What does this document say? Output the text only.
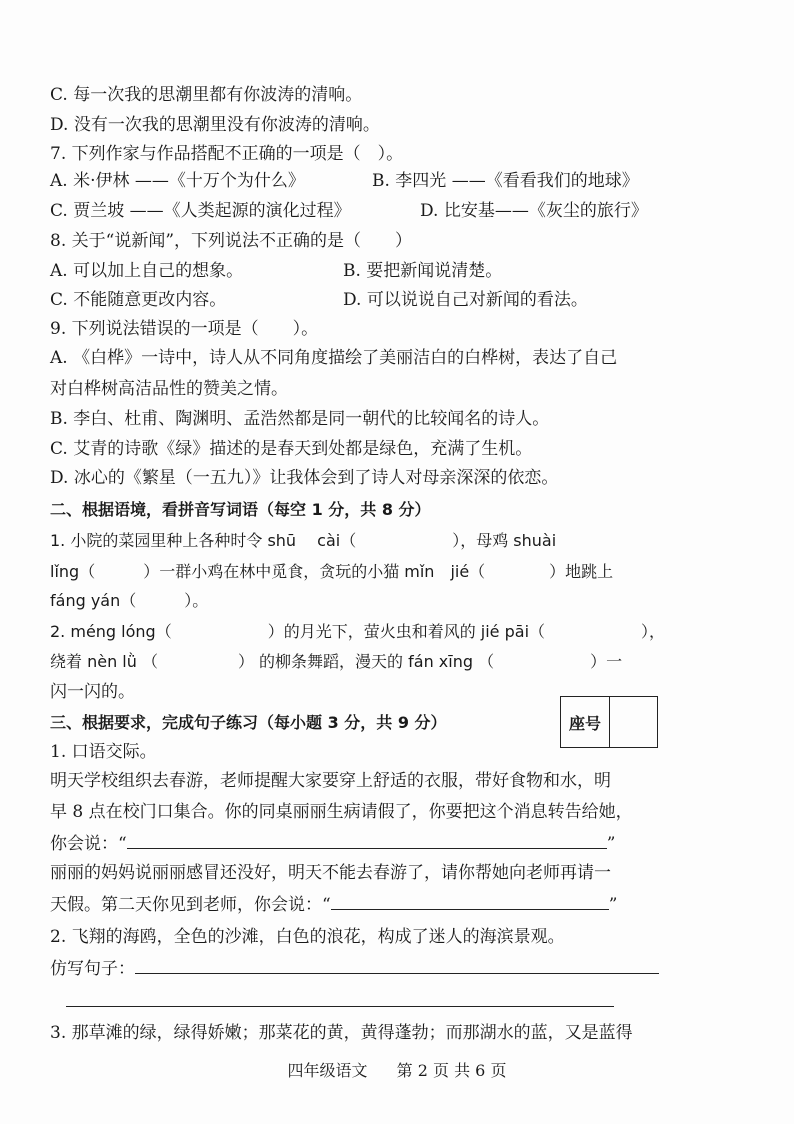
C. 每一次我的思潮里都有你波涛的清响。
D. 没有一次我的思潮里没有你波涛的清响。
7. 下列作家与作品搭配不正确的一项是（　）。
A. 米·伊林 ——《十万个为什么》	B. 李四光 ——《看看我们的地球》
C. 贾兰坡 ——《人类起源的演化过程》	D. 比安基——《灰尘的旅行》
8. 关于“说新闻”，下列说法不正确的是（　　）
A. 可以加上自己的想象。	B. 要把新闻说清楚。
C. 不能随意更改内容。	D. 可以说说自己对新闻的看法。
9. 下列说法错误的一项是（　　）。
A. 《白桦》一诗中，诗人从不同角度描绘了美丽洁白的白桦树，表达了自己
对白桦树高洁品性的赞美之情。
B. 李白、杜甫、陶渊明、孟浩然都是同一朝代的比较闻名的诗人。
C. 艾青的诗歌《绿》描述的是春天到处都是绿色，充满了生机。
D. 冰心的《繁星（一五九）》让我体会到了诗人对母亲深深的依恋。
二、根据语境，看拼音写词语（每空 1 分，共 8 分）
1. 小院的菜园里种上各种时令 shū　 cài（　　　　　　），母鸡 shuài
lǐng（　　　）一群小鸡在林中觅食，贪玩的小猫 mǐn　jié（　　　　）地跳上
fáng yán（　　　）。
2. méng lóng（　　　　　　）的月光下，萤火虫和着风的 jié pāi（　　　　　　），
绕着 nèn lǜ （　　　　　） 的柳条舞蹈，漫天的 fán xīng （　　　　　　）一
闪一闪的。
三、根据要求，完成句子练习（每小题 3 分，共 9 分）	座号
1. 口语交际。
明天学校组织去春游，老师提醒大家要穿上舒适的衣服，带好食物和水，明
早 8 点在校门口集合。你的同桌丽丽生病请假了，你要把这个消息转告给她，
你会说：“	”
丽丽的妈妈说丽丽感冒还没好，明天不能去春游了，请你帮她向老师再请一
天假。第二天你见到老师，你会说：“	”
2. 飞翔的海鸥，全色的沙滩，白色的浪花，构成了迷人的海滨景观。
仿写句子：
3. 那草滩的绿，绿得娇嫩；那菜花的黄，黄得蓬勃；而那湖水的蓝，又是蓝得
四年级语文 第 2 页 共 6 页
